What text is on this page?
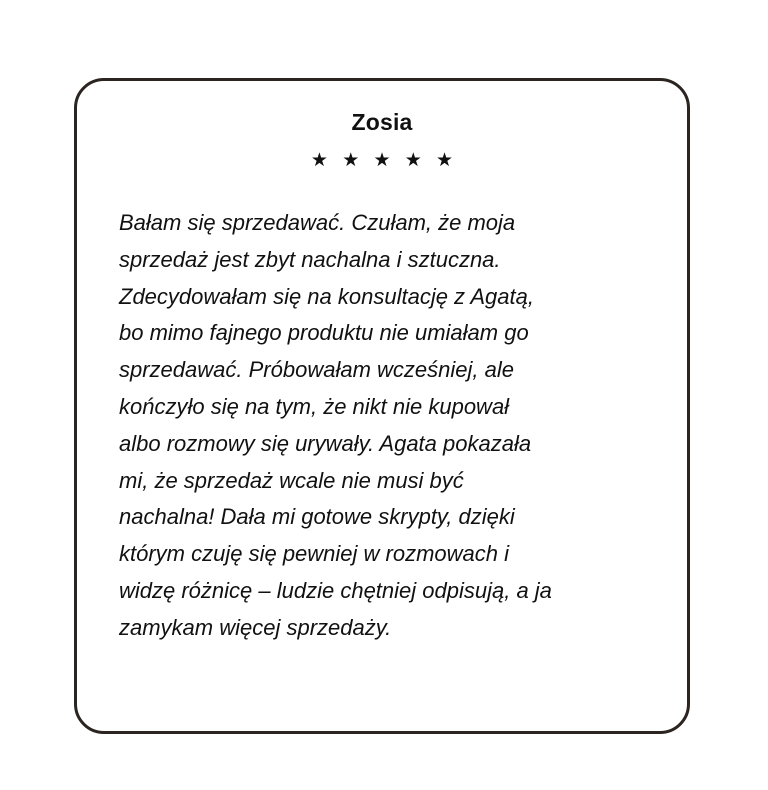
Zosia
★ ★ ★ ★ ★

Bałam się sprzedawać. Czułam, że moja
sprzedaż jest zbyt nachalna i sztuczna.
Zdecydowałam się na konsultację z Agatą,
bo mimo fajnego produktu nie umiałam go
sprzedawać. Próbowałam wcześniej, ale
kończyło się na tym, że nikt nie kupował
albo rozmowy się urywały. Agata pokazała
mi, że sprzedaż wcale nie musi być
nachalna! Dała mi gotowe skrypty, dzięki
którym czuję się pewniej w rozmowach i
widzę różnicę – ludzie chętniej odpisują, a ja
zamykam więcej sprzedaży.
